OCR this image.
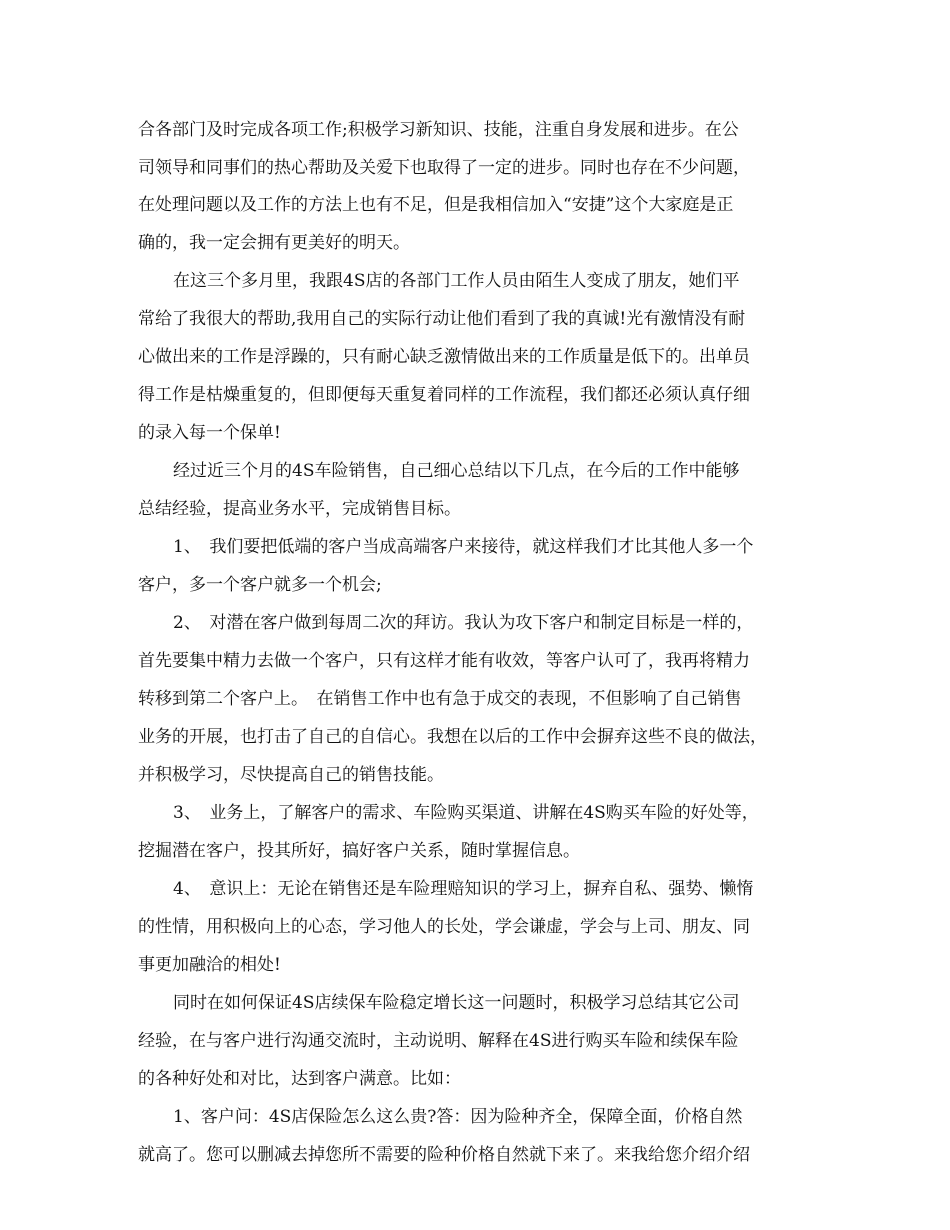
合各部门及时完成各项工作;积极学习新知识、技能，注重自身发展和进步。在公
司领导和同事们的热心帮助及关爱下也取得了一定的进步。同时也存在不少问题，
在处理问题以及工作的方法上也有不足，但是我相信加入“安捷”这个大家庭是正
确的，我一定会拥有更美好的明天。
在这三个多月里，我跟4S店的各部门工作人员由陌生人变成了朋友，她们平
常给了我很大的帮助,我用自己的实际行动让他们看到了我的真诚!光有激情没有耐
心做出来的工作是浮躁的，只有耐心缺乏激情做出来的工作质量是低下的。出单员
得工作是枯燥重复的，但即便每天重复着同样的工作流程，我们都还必须认真仔细
的录入每一个保单!
经过近三个月的4S车险销售，自己细心总结以下几点，在今后的工作中能够
总结经验，提高业务水平，完成销售目标。
1、　我们要把低端的客户当成高端客户来接待，就这样我们才比其他人多一个
客户，多一个客户就多一个机会;
2、　对潜在客户做到每周二次的拜访。我认为攻下客户和制定目标是一样的，
首先要集中精力去做一个客户，只有这样才能有收效，等客户认可了，我再将精力
转移到第二个客户上。　在销售工作中也有急于成交的表现，不但影响了自己销售
业务的开展，也打击了自己的自信心。我想在以后的工作中会摒弃这些不良的做法，
并积极学习，尽快提高自己的销售技能。
3、　业务上，了解客户的需求、车险购买渠道、讲解在4S购买车险的好处等，
挖掘潜在客户，投其所好，搞好客户关系，随时掌握信息。
4、　意识上：无论在销售还是车险理赔知识的学习上，摒弃自私、强势、懒惰
的性情，用积极向上的心态，学习他人的长处，学会谦虚，学会与上司、朋友、同
事更加融洽的相处!
同时在如何保证4S店续保车险稳定增长这一问题时，积极学习总结其它公司
经验，在与客户进行沟通交流时，主动说明、解释在4S进行购买车险和续保车险
的各种好处和对比，达到客户满意。比如：
1、客户问：4S店保险怎么这么贵?答：因为险种齐全，保障全面，价格自然
就高了。您可以删减去掉您所不需要的险种价格自然就下来了。来我给您介绍介绍
